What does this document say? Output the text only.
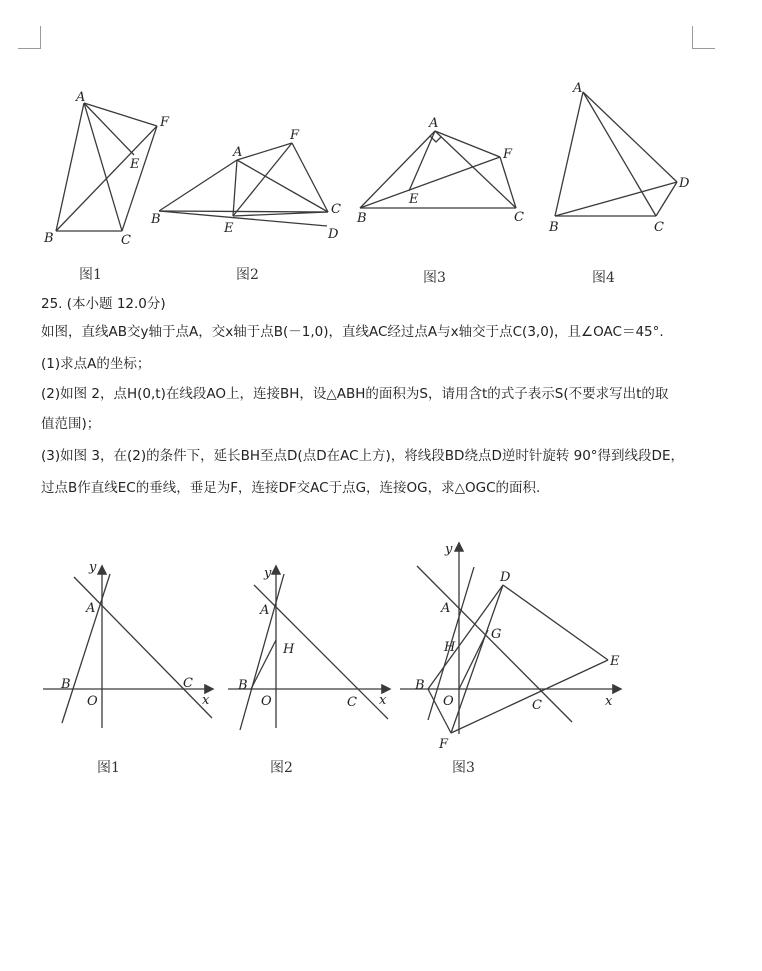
A
F
E
B	C
图1
A
F
B
E
C
D
图2
A
F
E
B	C
图3
A
D
B	C
图4
25. (本小题 12.0分)
如图，直线AB交y轴于点A，交x轴于点B(－1,0)，直线AC经过点A与x轴交于点C(3,0)，且∠OAC＝45°.
(1)求点A的坐标；
(2)如图 2，点H(0,t)在线段AO上，连接BH，设△ABH的面积为S，请用含t的式子表示S(不要求写出t的取
值范围)；
(3)如图 3，在(2)的条件下，延长BH至点D(点D在AC上方)，将线段BD绕点D逆时针旋转 90°得到线段DE，
过点B作直线EC的垂线，垂足为F，连接DF交AC于点G，连接OG，求△OGC的面积.
y
x
A
B
O
C
图1
y
x
A
H
B
O	C
图2
y
x
D
A
G
H
E
B
O	C
F
图3
